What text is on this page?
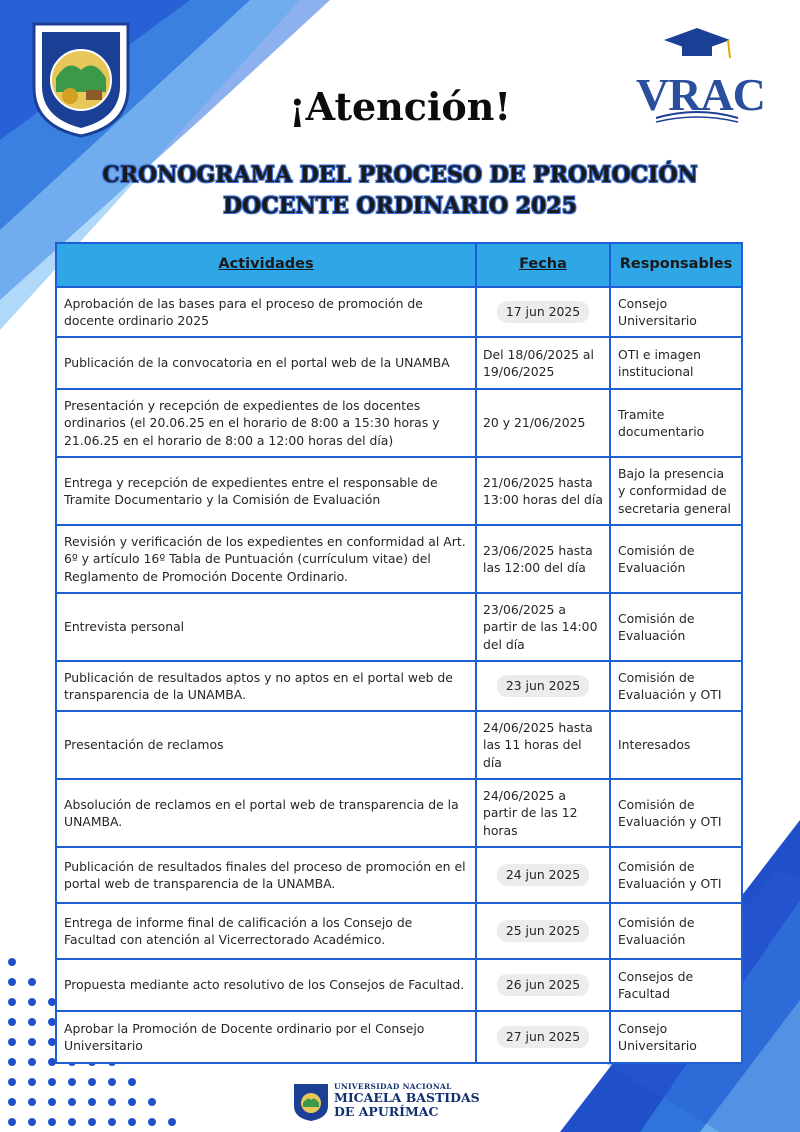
VRAC
¡Atención!
CRONOGRAMA DEL PROCESO DE PROMOCIÓN
DOCENTE ORDINARIO 2025
Actividades	Fecha	Responsables
Aprobación de las bases para el proceso de promoción de docente ordinario 2025	17 jun 2025	Consejo Universitario
Publicación de la convocatoria en el portal web de la UNAMBA	Del 18/06/2025 al 19/06/2025	OTI e imagen institucional
Presentación y recepción de expedientes de los docentes ordinarios (el 20.06.25 en el horario de 8:00 a 15:30 horas y 21.06.25 en el horario de 8:00 a 12:00 horas del día)	20 y 21/06/2025	Tramite documentario
Entrega y recepción de expedientes entre el responsable de Tramite Documentario y la Comisión de Evaluación	21/06/2025 hasta 13:00 horas del día	Bajo la presencia y conformidad de secretaria general
Revisión y verificación de los expedientes en conformidad al Art. 6º y artículo 16º Tabla de Puntuación (currículum vitae) del Reglamento de Promoción Docente Ordinario.	23/06/2025 hasta las 12:00 del día	Comisión de Evaluación
Entrevista personal	23/06/2025 a partir de las 14:00 del día	Comisión de Evaluación
Publicación de resultados aptos y no aptos en el portal web de transparencia de la UNAMBA.	23 jun 2025	Comisión de Evaluación y OTI
Presentación de reclamos	24/06/2025 hasta las 11 horas del día	Interesados
Absolución de reclamos en el portal web de transparencia de la UNAMBA.	24/06/2025 a partir de las 12 horas	Comisión de Evaluación y OTI
Publicación de resultados finales del proceso de promoción en el portal web de transparencia de la UNAMBA.	24 jun 2025	Comisión de Evaluación y OTI
Entrega de informe final de calificación a los Consejo de Facultad con atención al Vicerrectorado Académico.	25 jun 2025	Comisión de Evaluación
Propuesta mediante acto resolutivo de los Consejos de Facultad.	26 jun 2025	Consejos de Facultad
Aprobar la Promoción de Docente ordinario por el Consejo Universitario	27 jun 2025	Consejo Universitario
UNIVERSIDAD NACIONAL
MICAELA BASTIDAS
DE APURÍMAC
